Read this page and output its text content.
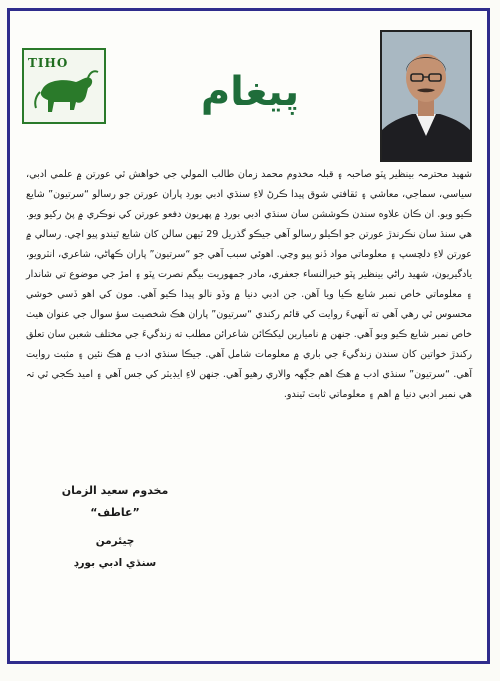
TIHO
پيغام

شهيد محترمہ بينظير ڀٽو صاحبہ ۽ قبلہ مخدوم محمد زمان طالب المولي جي خواهش ٿي عورتن ۾ علمي ادبي، سياسي، سماجي، معاشي ۽ ثقافتي شوق پيدا ڪرڻ لاءِ سنڌي ادبي بورڊ پاران عورتن جو رسالو “سرتيون” شايع ڪيو ويو. ان ڪان علاوه سندن ڪوششن سان سنڌي ادبي بورڊ ۾ پهريون دفعو عورتن کي نوڪري ۾ پڻ رکيو ويو. هي سنڌ سان نڪرندڙ عورتن جو اڪيلو رسالو آهي جيڪو گذريل 29 ٽيهن سالن کان شايع ٿيندو پيو اچي. رسالي ۾ عورتن لاءِ دلچسپ ۽ معلوماتي مواد ڏنو پيو وڃي. اهوئي سبب آهي جو “سرتيون” پاران ڪهاڻي، شاعري، انٽرويو، يادگيريون، شهيد راڻي بينظير ڀٽو خيرالنساء جعفري، مادر جمهوريت بيگم نصرت ڀٽو ۽ امڙ جي موضوع تي شاندار ۽ معلوماتي خاص نمبر شايع ڪيا ويا آهن. جن ادبي دنيا ۾ وڏو نالو پيدا ڪيو آهي. مون کي اهو ڏسي خوشي محسوس ٿي رهي آهي ته آنهيءَ روايت کي قائم رکندي “سرتيون” پاران هڪ شخصيت سؤ سوال جي عنوان هيٺ خاص نمبر شايع ڪيو ويو آهي. جنهن ۾ ناميارين ليکڪائن شاعرائن مطلب ته زندگيءَ جي مختلف شعبن سان تعلق رکندڙ خواتين کان سندن زندگيءَ جي باري ۾ معلومات شامل آهي. جيڪا سنڌي ادب ۾ هڪ نئين ۽ مثبت روايت آهي. “سرتيون” سنڌي ادب ۾ هڪ اهم جڳهہ والاري رهيو آهي. جنهن لاءِ ايڊيٽر کي جس آهي ۽ اميد ڪجي ٿي تہ هي نمبر ادبي دنيا ۾ اهم ۽ معلوماتي ثابت ٿيندو.

مخدوم سعيد الزمان ”عاطف“
چيئرمن
سنڌي ادبي بورڊ
